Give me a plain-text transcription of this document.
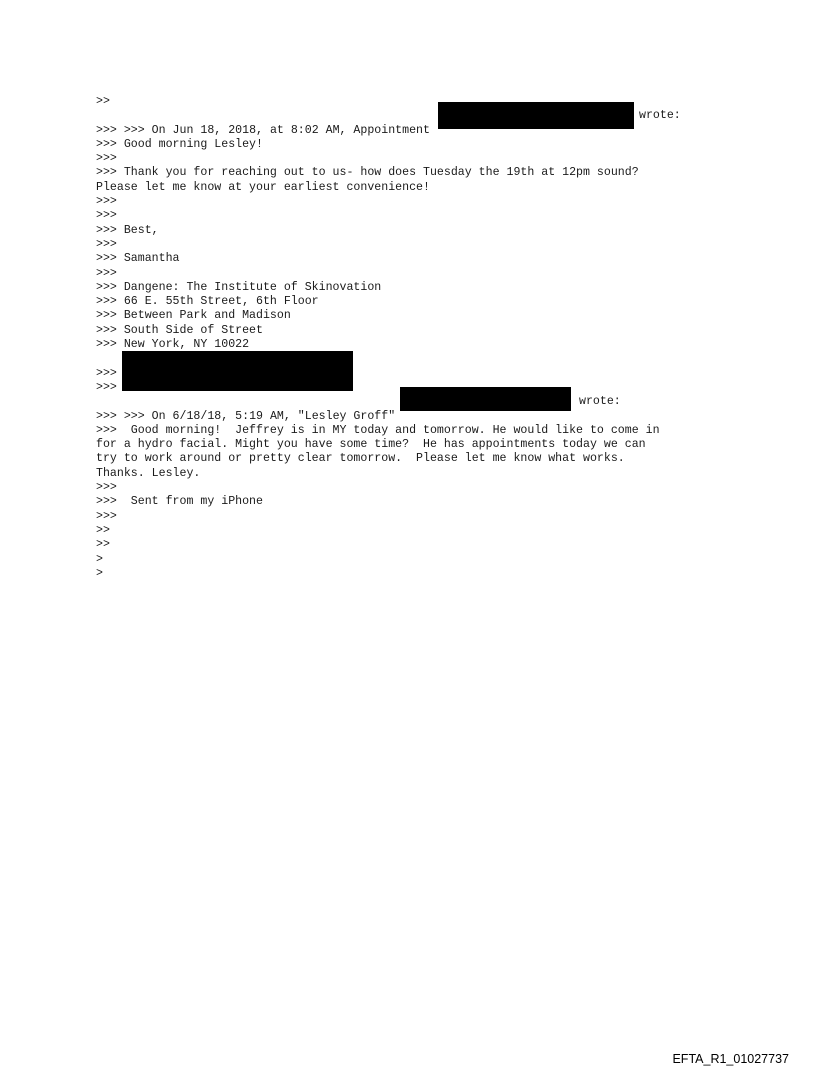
>>

>>> On Jun 18, 2018, at 8:02 AM, Appointment

wrote:

>>>
>>> Good morning Lesley!
>>>
>>> Thank you for reaching out to us- how does Tuesday the 19th at 12pm sound?
Please let me know at your earliest convenience!
>>>
>>>
>>> Best,
>>>
>>> Samantha
>>>
>>> Dangene: The Institute of Skinovation
>>> 66 E. 55th Street, 6th Floor
>>> Between Park and Madison
>>> South Side of Street
>>> New York, NY 10022

>>>
>>>

>>> On 6/18/18, 5:19 AM, "Lesley Groff"

wrote:

>>>
>>>  Good morning!  Jeffrey is in MY today and tomorrow. He would like to come in
for a hydro facial. Might you have some time?  He has appointments today we can
try to work around or pretty clear tomorrow.  Please let me know what works.
Thanks. Lesley.
>>>
>>>  Sent from my iPhone
>>>
>>
>>
>
>
EFTA_R1_01027737
